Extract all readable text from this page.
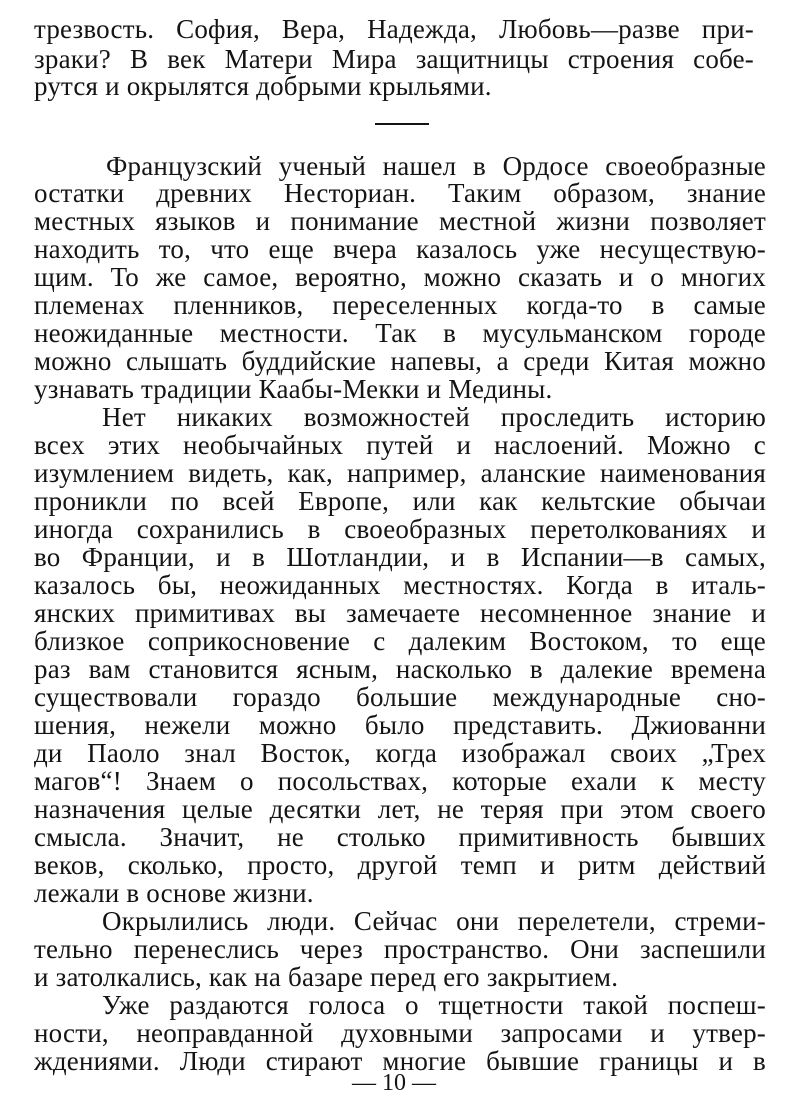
трезвость. София, Вера, Надежда, Любовь—разве при-
зраки? В век Матери Мира защитницы строения собе-
рутся и окрылятся добрыми крыльями.
Французский ученый нашел в Ордосе своеобразные
остатки древних Несториан. Таким образом, знание
местных языков и понимание местной жизни позволяет
находить то, что еще вчера казалось уже несуществую-
щим. То же самое, вероятно, можно сказать и о многих
племенах пленников, переселенных когда-то в самые
неожиданные местности. Так в мусульманском городе
можно слышать буддийские напевы, а среди Китая можно
узнавать традиции Каабы-Мекки и Медины.
Нет никаких возможностей проследить историю
всех этих необычайных путей и наслоений. Можно с
изумлением видеть, как, например, аланские наименования
проникли по всей Европе, или как кельтские обычаи
иногда сохранились в своеобразных перетолкованиях и
во Франции, и в Шотландии, и в Испании—в самых,
казалось бы, неожиданных местностях. Когда в италь-
янских примитивах вы замечаете несомненное знание и
близкое соприкосновение с далеким Востоком, то еще
раз вам становится ясным, насколько в далекие времена
существовали гораздо большие международные сно-
шения, нежели можно было представить. Джиованни
ди Паоло знал Восток, когда изображал своих „Трех
магов“! Знаем о посольствах, которые ехали к месту
назначения целые десятки лет, не теряя при этом своего
смысла. Значит, не столько примитивность бывших
веков, сколько, просто, другой темп и ритм действий
лежали в основе жизни.
Окрылились люди. Сейчас они перелетели, стреми-
тельно перенеслись через пространство. Они заспешили
и затолкались, как на базаре перед его закрытием.
Уже раздаются голоса о тщетности такой поспеш-
ности, неоправданной духовными запросами и утвер-
ждениями. Люди стирают многие бывшие границы и в
— 10 —
